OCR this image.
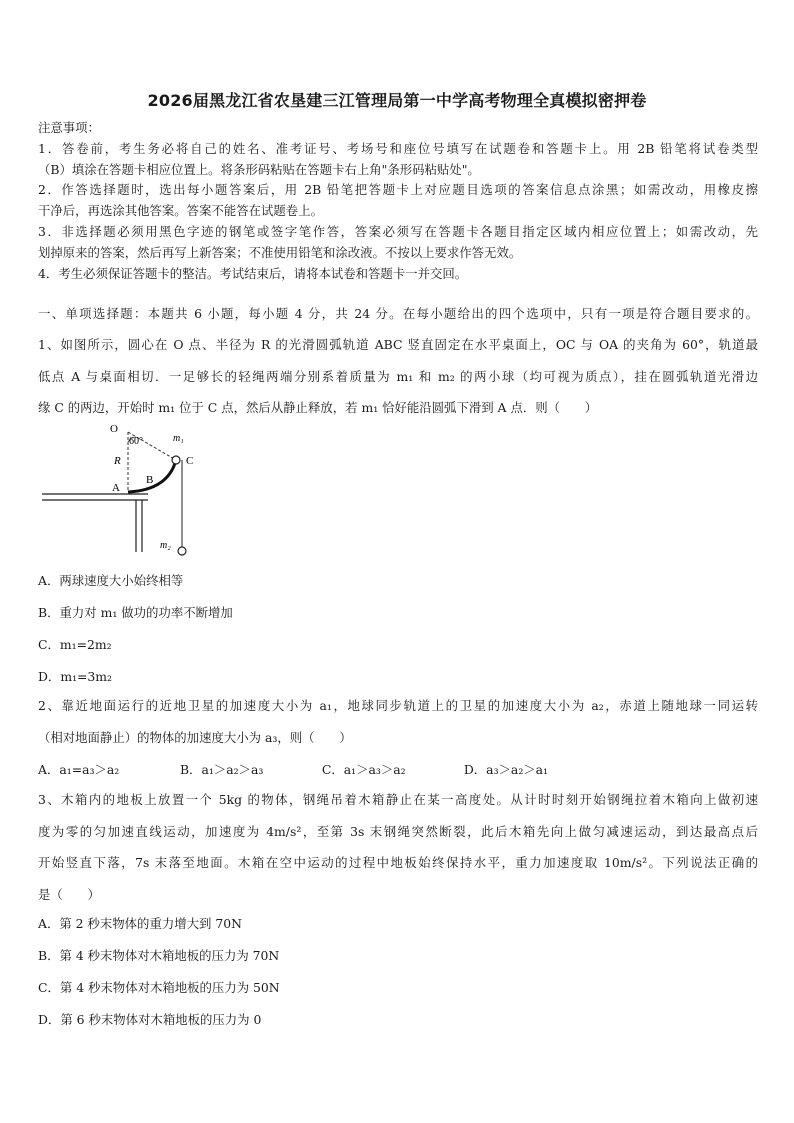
2026届黑龙江省农垦建三江管理局第一中学高考物理全真模拟密押卷
注意事项：
1．答卷前，考生务必将自己的姓名、准考证号、考场号和座位号填写在试题卷和答题卡上。用 2B 铅笔将试卷类型
（B）填涂在答题卡相应位置上。将条形码粘贴在答题卡右上角"条形码粘贴处"。
2．作答选择题时，选出每小题答案后，用 2B 铅笔把答题卡上对应题目选项的答案信息点涂黑；如需改动，用橡皮擦
干净后，再选涂其他答案。答案不能答在试题卷上。
3．非选择题必须用黑色字迹的钢笔或签字笔作答，答案必须写在答题卡各题目指定区域内相应位置上；如需改动，先
划掉原来的答案，然后再写上新答案；不准使用铅笔和涂改液。不按以上要求作答无效。
4．考生必须保证答题卡的整洁。考试结束后，请将本试卷和答题卡一并交回。
一、单项选择题：本题共 6 小题，每小题 4 分，共 24 分。在每小题给出的四个选项中，只有一项是符合题目要求的。
1、如图所示，圆心在 O 点、半径为 R 的光滑圆弧轨道 ABC 竖直固定在水平桌面上，OC 与 OA 的夹角为 60°，轨道最
低点 A 与桌面相切．一足够长的轻绳两端分别系着质量为 m₁ 和 m₂ 的两小球（均可视为质点），挂在圆弧轨道光滑边
缘 C 的两边，开始时 m₁ 位于 C 点，然后从静止释放，若 m₁ 恰好能沿圆弧下滑到 A 点．则（　　）
O
60°	m₁
C
R
B
A
m₂
A．两球速度大小始终相等
B．重力对 m₁ 做功的功率不断增加
C．m₁=2m₂
D．m₁=3m₂
2、靠近地面运行的近地卫星的加速度大小为 a₁，地球同步轨道上的卫星的加速度大小为 a₂，赤道上随地球一同运转
（相对地面静止）的物体的加速度大小为 a₃，则（　　）
A．a₁=a₃＞a₂	B．a₁＞a₂＞a₃	C．a₁＞a₃＞a₂	D．a₃＞a₂＞a₁
3、木箱内的地板上放置一个 5kg 的物体，钢绳吊着木箱静止在某一高度处。从计时时刻开始钢绳拉着木箱向上做初速
度为零的匀加速直线运动，加速度为 4m/s²，至第 3s 末钢绳突然断裂，此后木箱先向上做匀减速运动，到达最高点后
开始竖直下落，7s 末落至地面。木箱在空中运动的过程中地板始终保持水平，重力加速度取 10m/s²。下列说法正确的
是（　　）
A．第 2 秒末物体的重力增大到 70N
B．第 4 秒末物体对木箱地板的压力为 70N
C．第 4 秒末物体对木箱地板的压力为 50N
D．第 6 秒末物体对木箱地板的压力为 0
